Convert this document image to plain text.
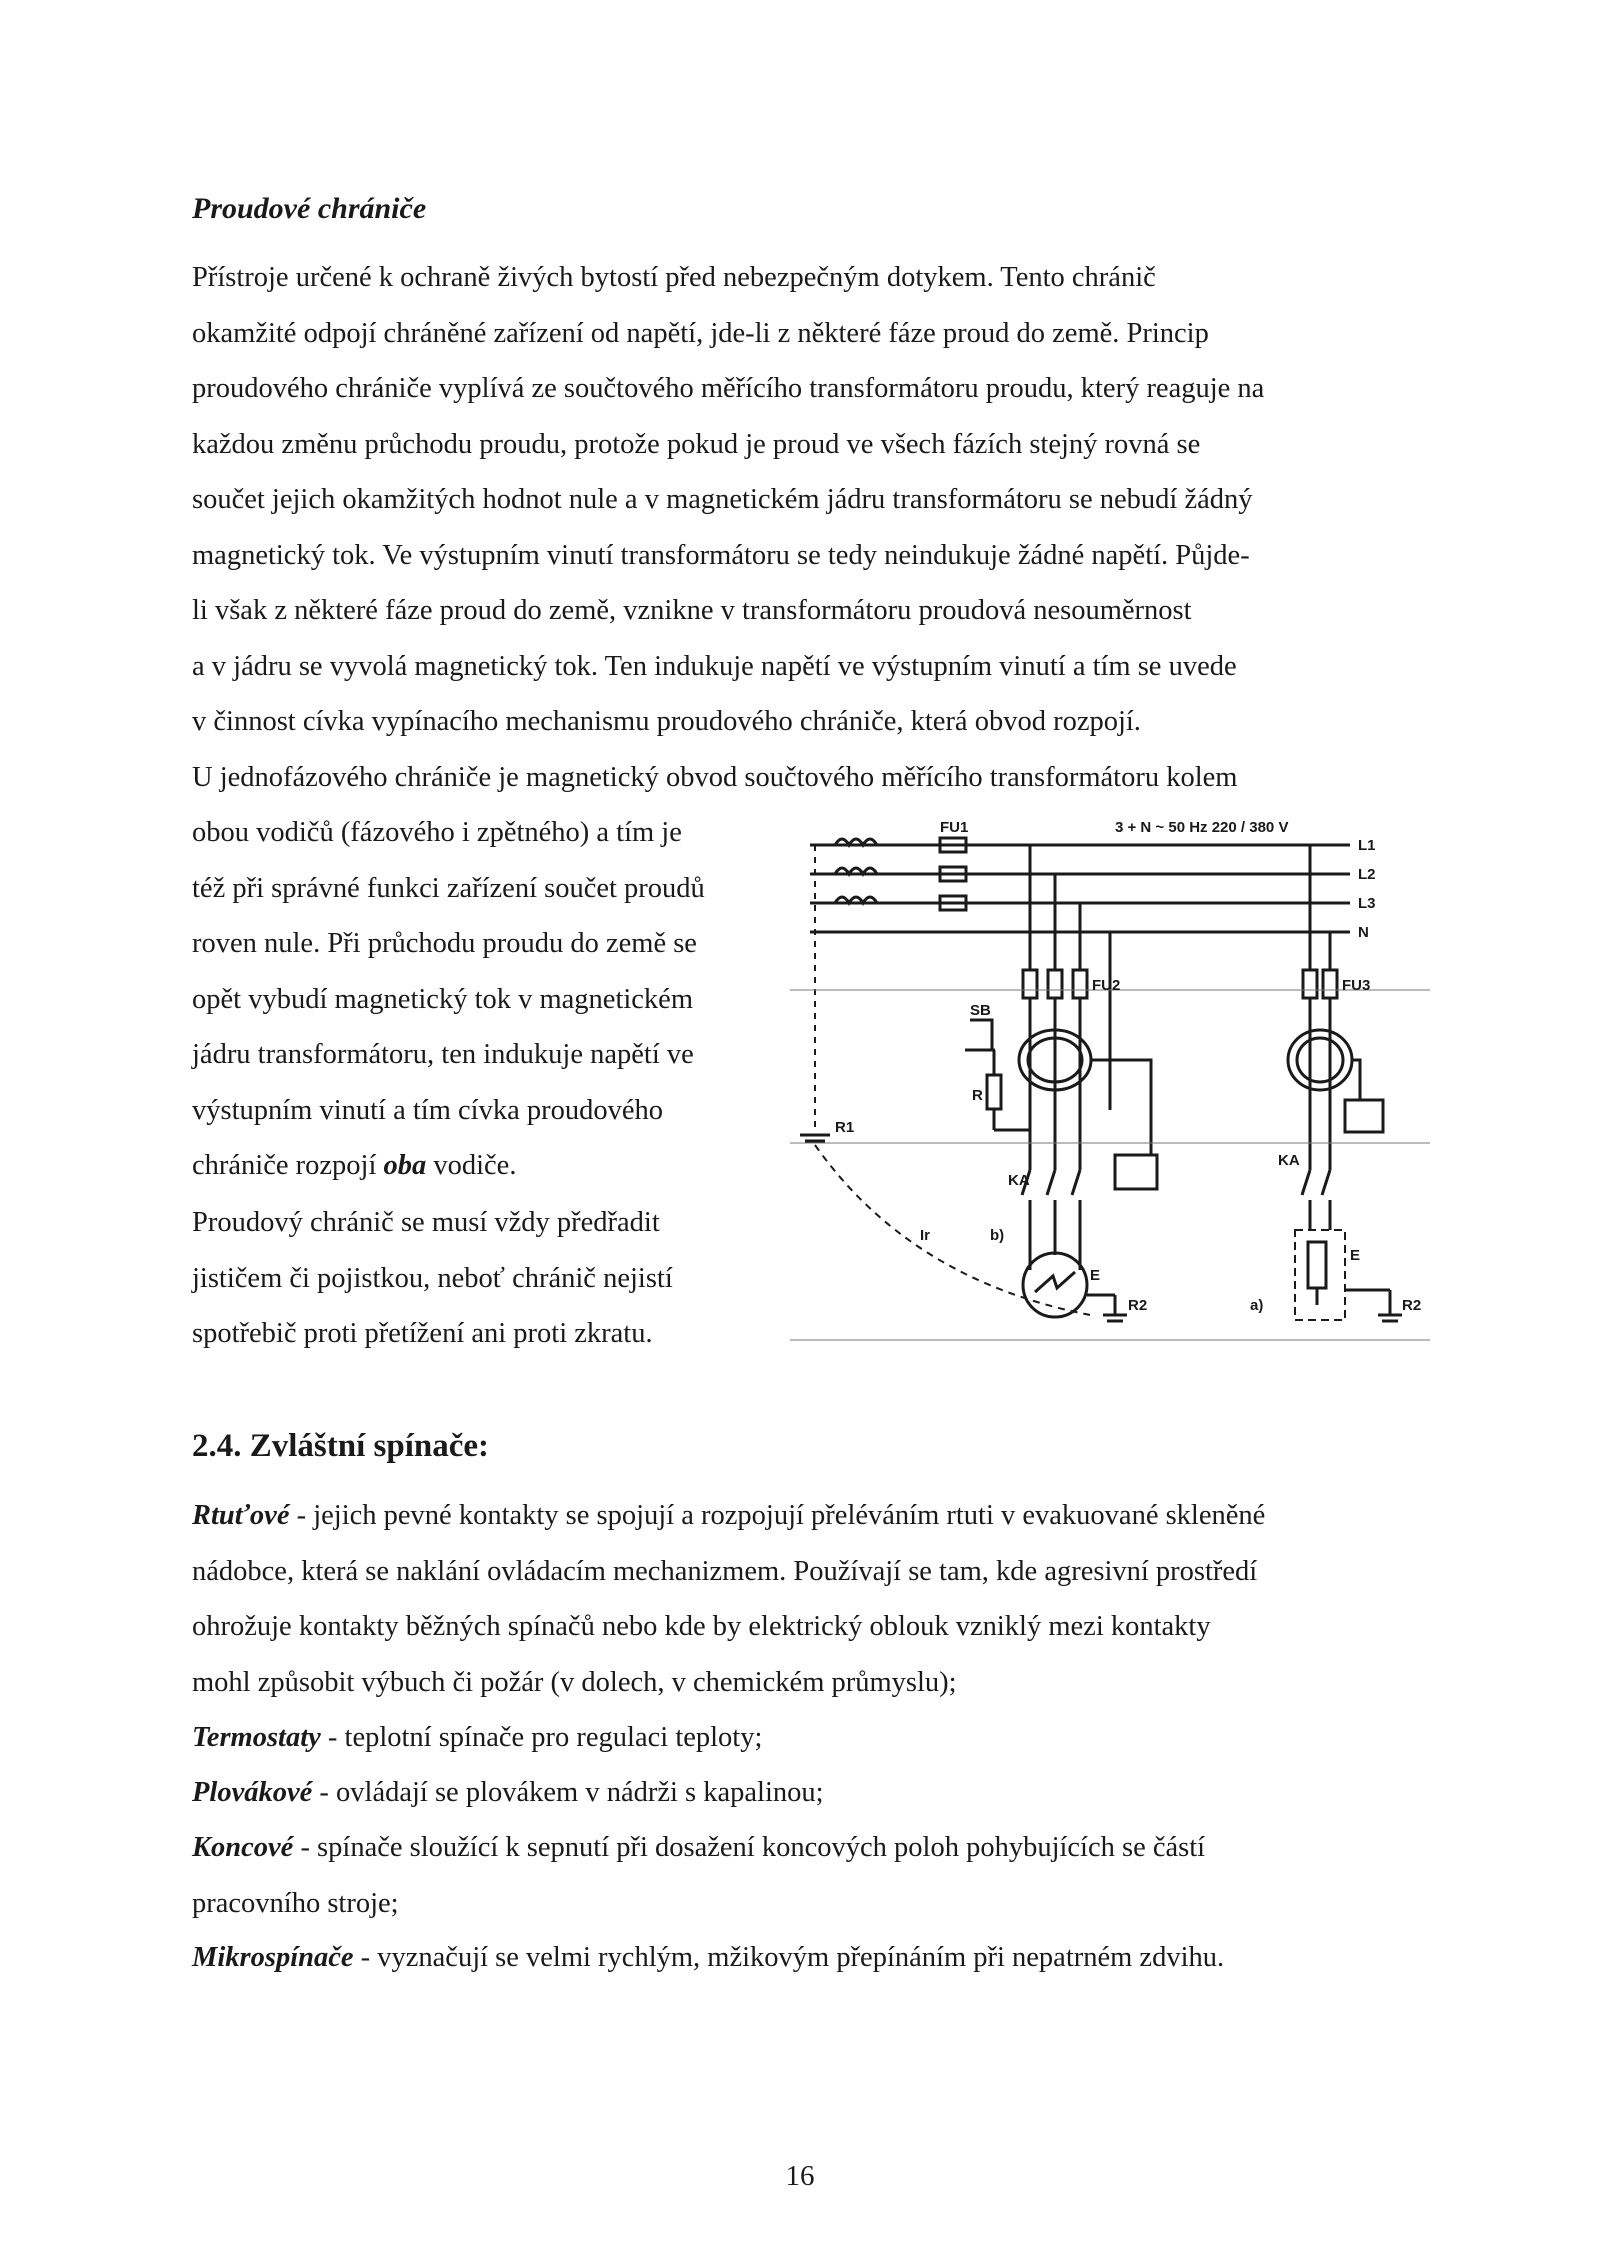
Proudové chrániče

Přístroje určené k ochraně živých bytostí před nebezpečným dotykem. Tento chránič
okamžité odpojí chráněné zařízení od napětí, jde-li z některé fáze proud do země. Princip
proudového chrániče vyplívá ze součtového měřícího transformátoru proudu, který reaguje na
každou změnu průchodu proudu, protože pokud je proud ve všech fázích stejný rovná se
součet jejich okamžitých hodnot nule a v magnetickém jádru transformátoru se nebudí žádný
magnetický tok. Ve výstupním vinutí transformátoru se tedy neindukuje žádné napětí. Půjde-
li však z některé fáze proud do země, vznikne v transformátoru proudová nesouměrnost
a v jádru se vyvolá magnetický tok. Ten indukuje napětí ve výstupním vinutí a tím se uvede
v činnost cívka vypínacího mechanismu proudového chrániče, která obvod rozpojí.

U jednofázového chrániče je magnetický obvod součtového měřícího transformátoru kolem

obou vodičů (fázového i zpětného) a tím je
též při správné funkci zařízení součet proudů
roven nule. Při průchodu proudu do země se
opět vybudí magnetický tok v magnetickém
jádru transformátoru, ten indukuje napětí ve
výstupním vinutí a tím cívka proudového
chrániče rozpojí oba vodiče.

Proudový chránič se musí vždy předřadit
jističem či pojistkou, neboť chránič nejistí
spotřebič proti přetížení ani proti zkratu.

FU1	3 + N ~ 50 Hz 220 / 380 V
L1
L2
L3
N
FU2	FU3
SB
R
KA
KA
R1
Ir	b)
E
R2	a)
E
R2
2.4. Zvláštní spínače:

Rtuťové - jejich pevné kontakty se spojují a rozpojují přeléváním rtuti v evakuované skleněné
nádobce, která se naklání ovládacím mechanizmem. Používají se tam, kde agresivní prostředí
ohrožuje kontakty běžných spínačů nebo kde by elektrický oblouk vzniklý mezi kontakty
mohl způsobit výbuch či požár (v dolech, v chemickém průmyslu);

Termostaty - teplotní spínače pro regulaci teploty;

Plovákové - ovládají se plovákem v nádrži s kapalinou;

Koncové - spínače sloužící k sepnutí při dosažení koncových poloh pohybujících se částí
pracovního stroje;

Mikrospínače - vyznačují se velmi rychlým, mžikovým přepínáním při nepatrném zdvihu.

16
